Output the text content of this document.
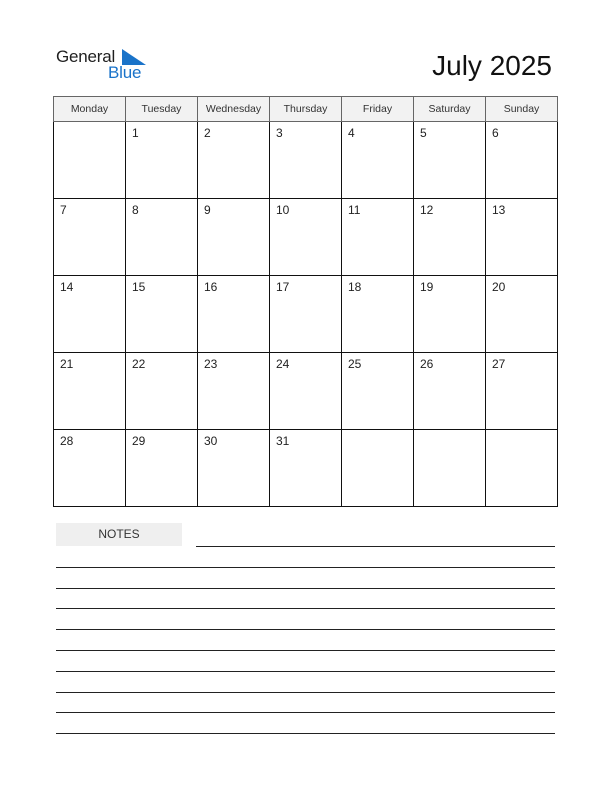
General
Blue	July 2025
Monday	Tuesday	Wednesday	Thursday	Friday	Saturday	Sunday

	1	2	3	4	5	6

7	8	9	10	11	12	13

14	15	16	17	18	19	20

21	22	23	24	25	26	27

28	29	30	31			

NOTES
